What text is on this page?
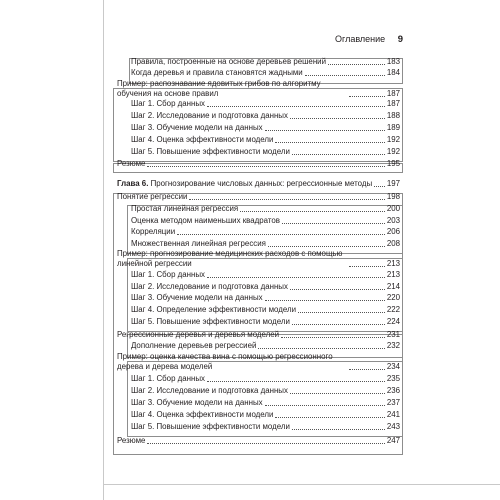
Оглавление 9
Правила, построенные на основе деревьев решений	183
Когда деревья и правила становятся жадными	184
Пример: распознавание ядовитых грибов по алгоритму обучения на основе правил	187
Шаг 1. Сбор данных	187
Шаг 2. Исследование и подготовка данных	188
Шаг 3. Обучение модели на данных	189
Шаг 4. Оценка эффективности модели	192
Шаг 5. Повышение эффективности модели	192
Резюме	195
Глава 6. Прогнозирование числовых данных: регрессионные методы 197
Понятие регрессии	198
Простая линейная регрессия	200
Оценка методом наименьших квадратов	203
Корреляции	206
Множественная линейная регрессия	208
Пример: прогнозирование медицинских расходов с помощью линейной регрессии	213
Шаг 1. Сбор данных	213
Шаг 2. Исследование и подготовка данных	214
Шаг 3. Обучение модели на данных	220
Шаг 4. Определение эффективности модели	222
Шаг 5. Повышение эффективности модели	224
Регрессионные деревья и деревья моделей	231
Дополнение деревьев регрессией	232
Пример: оценка качества вина с помощью регрессионного дерева и дерева моделей	234
Шаг 1. Сбор данных	235
Шаг 2. Исследование и подготовка данных	236
Шаг 3. Обучение модели на данных	237
Шаг 4. Оценка эффективности модели	241
Шаг 5. Повышение эффективности модели	243
Резюме	247
